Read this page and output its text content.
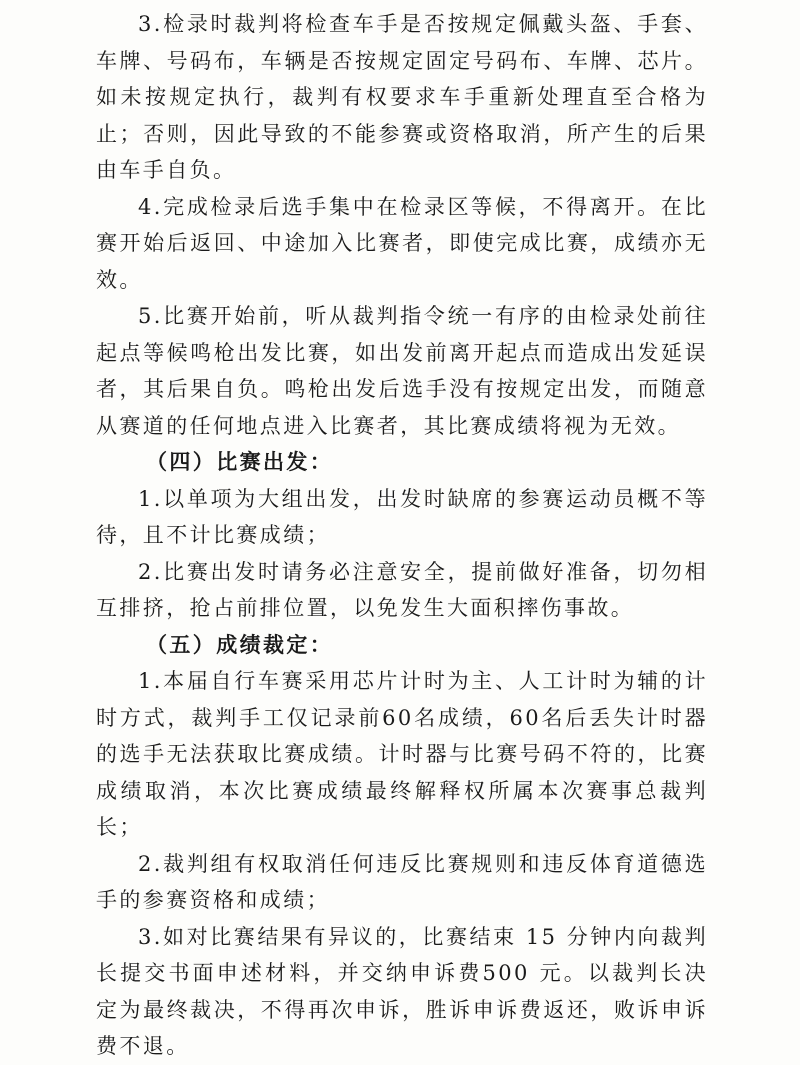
3.检录时裁判将检查车手是否按规定佩戴头盔、手套、车牌、号码布，车辆是否按规定固定号码布、车牌、芯片。如未按规定执行，裁判有权要求车手重新处理直至合格为止；否则，因此导致的不能参赛或资格取消，所产生的后果由车手自负。

4.完成检录后选手集中在检录区等候，不得离开。在比赛开始后返回、中途加入比赛者，即使完成比赛，成绩亦无效。

5.比赛开始前，听从裁判指令统一有序的由检录处前往起点等候鸣枪出发比赛，如出发前离开起点而造成出发延误者，其后果自负。鸣枪出发后选手没有按规定出发，而随意从赛道的任何地点进入比赛者，其比赛成绩将视为无效。

（四）比赛出发：

1.以单项为大组出发，出发时缺席的参赛运动员概不等待，且不计比赛成绩；

2.比赛出发时请务必注意安全，提前做好准备，切勿相互排挤，抢占前排位置，以免发生大面积摔伤事故。

（五）成绩裁定：

1.本届自行车赛采用芯片计时为主、人工计时为辅的计时方式，裁判手工仅记录前60名成绩，60名后丢失计时器的选手无法获取比赛成绩。计时器与比赛号码不符的，比赛成绩取消，本次比赛成绩最终解释权所属本次赛事总裁判长；

2.裁判组有权取消任何违反比赛规则和违反体育道德选手的参赛资格和成绩；

3.如对比赛结果有异议的，比赛结束 15 分钟内向裁判长提交书面申述材料，并交纳申诉费500 元。以裁判长决定为最终裁决，不得再次申诉，胜诉申诉费返还，败诉申诉费不退。
